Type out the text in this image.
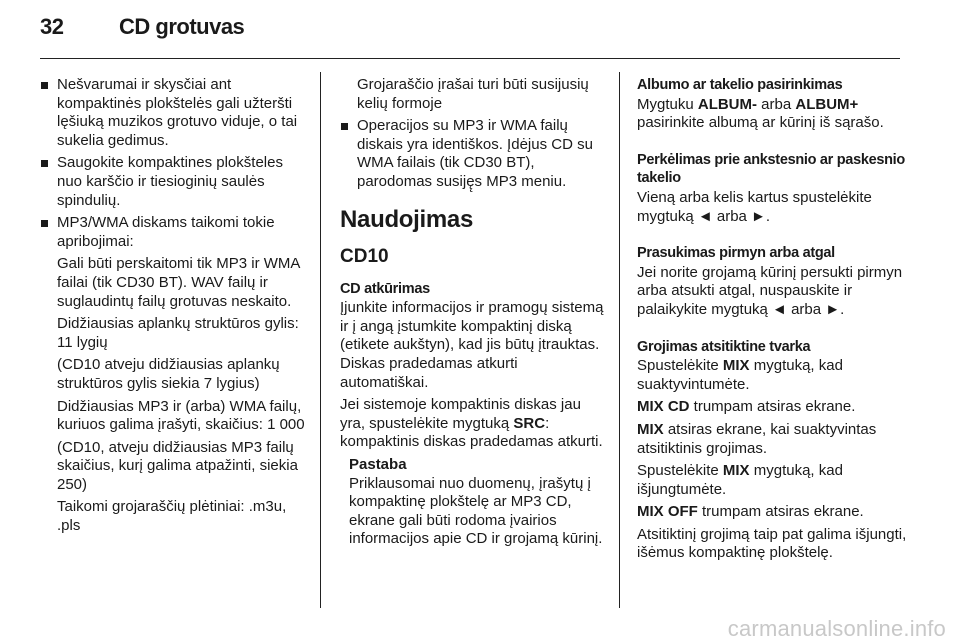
32	CD grotuvas
Nešvarumai ir skysčiai ant kompaktinės plokštelės gali užteršti lęšiuką muzikos grotuvo viduje, o tai sukelia gedimus.
Saugokite kompaktines plokšteles nuo karščio ir tiesioginių saulės spindulių.
MP3/WMA diskams taikomi tokie apribojimai:
Gali būti perskaitomi tik MP3 ir WMA failai (tik CD30 BT). WAV failų ir suglaudintų failų grotuvas neskaito.
Didžiausias aplankų struktūros gylis: 11 lygių
(CD10 atveju didžiausias aplankų struktūros gylis siekia 7 lygius)
Didžiausias MP3 ir (arba) WMA failų, kuriuos galima įrašyti, skaičius: 1 000
(CD10, atveju didžiausias MP3 failų skaičius, kurį galima atpažinti, siekia 250)
Taikomi grojaraščių plėtiniai: .m3u, .pls
Grojaraščio įrašai turi būti susijusių kelių formoje
Operacijos su MP3 ir WMA failų diskais yra identiškos. Įdėjus CD su WMA failais (tik CD30 BT), parodomas susiję̨s MP3 meniu.
Naudojimas
CD10
CD atkūrimas

Įjunkite informacijos ir pramogų sistemą ir į angą įstumkite kompaktinį diską (etikete aukštyn), kad jis būtų įtrauktas. Diskas pradedamas atkurti automatiškai.

Jei sistemoje kompaktinis diskas jau yra, spustelėkite mygtuką SRC: kompaktinis diskas pradedamas atkurti.

Pastaba
Priklausomai nuo duomenų, įrašytų į kompaktinę plokštelę ar MP3 CD, ekrane gali būti rodoma įvairios informacijos apie CD ir grojamą kūrinį.
Albumo ar takelio pasirinkimas

Mygtuku ALBUM- arba ALBUM+ pasirinkite albumą ar kūrinį iš sąrašo.

Perkėlimas prie ankstesnio ar paskesnio takelio

Vieną arba kelis kartus spustelėkite mygtuką ◄ arba ►.

Prasukimas pirmyn arba atgal

Jei norite grojamą kūrinį persukti pirmyn arba atsukti atgal, nuspauskite ir palaikykite mygtuką ◄ arba ►.

Grojimas atsitiktine tvarka

Spustelėkite MIX mygtuką, kad suaktyvintumėte.

MIX CD trumpam atsiras ekrane.

MIX atsiras ekrane, kai suaktyvintas atsitiktinis grojimas.

Spustelėkite MIX mygtuką, kad išjungtumėte.

MIX OFF trumpam atsiras ekrane.

Atsitiktinį grojimą taip pat galima išjungti, išėmus kompaktinę plokštelę.

carmanualsonline.info
